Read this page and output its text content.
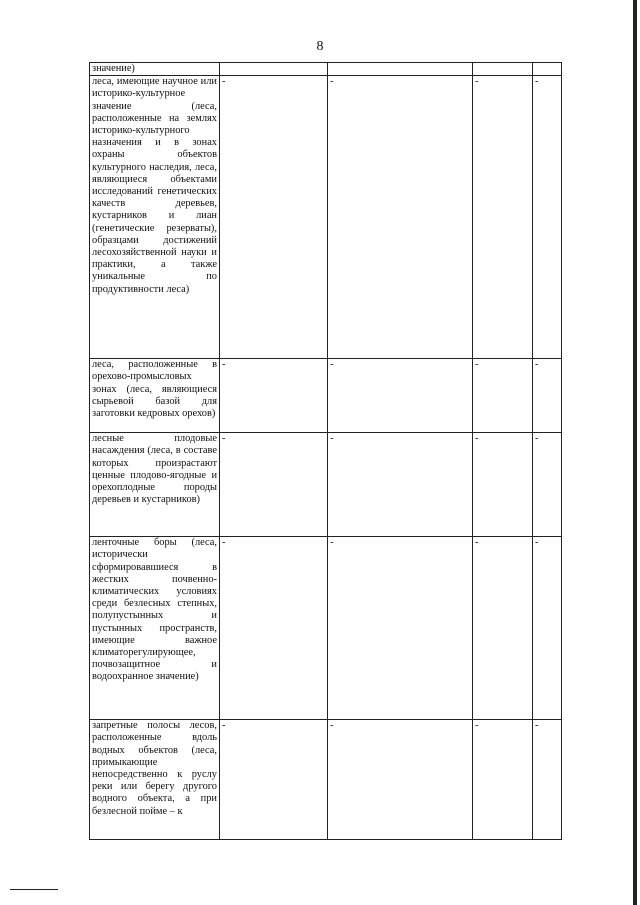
8
значение)				

леса, имеющие научное или историко-культурное значение (леса, расположенные на землях историко-культурного назначения и в зонах охраны объектов культурного наследия, леса, являющиеся объектами исследований генетических качеств деревьев, кустарников и лиан (генетические резерваты), образцами достижений лесохозяйственной науки и практики, а также уникальные по продуктивности леса)	-	-	-	-

леса, расположенные в орехово-промысловых зонах (леса, являющиеся сырьевой базой для заготовки кедровых орехов)	-	-	-	-

лесные плодовые насаждения (леса, в составе которых произрастают ценные плодово-ягодные и орехоплодные породы деревьев и кустарников)	-	-	-	-

ленточные боры (леса, исторически сформировавшиеся в жестких почвенно-климатических условиях среди безлесных степных, полупустынных и пустынных пространств, имеющие важное климаторегулирующее, почвозащитное и водоохранное значение)	-	-	-	-

запретные полосы лесов, расположенные вдоль водных объектов (леса, примыкающие непосредственно к руслу реки или берегу другого водного объекта, а при безлесной пойме – к	-	-	-	-
